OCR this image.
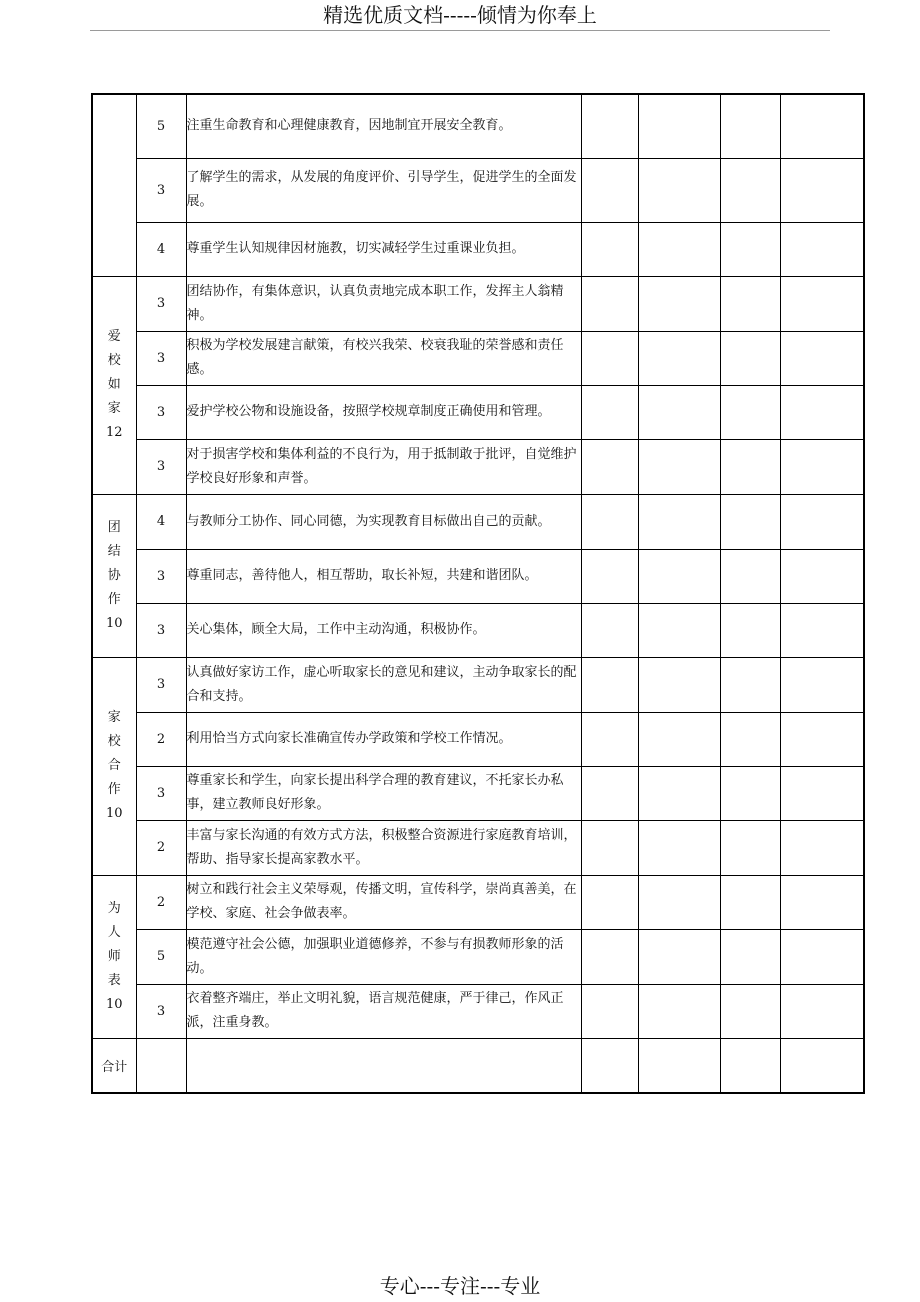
精选优质文档-----倾情为你奉上
	5	注重生命教育和心理健康教育，因地制宜开展安全教育。				
	3	了解学生的需求，从发展的角度评价、引导学生，促进学生的全面发展。				
	4	尊重学生认知规律因材施教，切实减轻学生过重课业负担。				
爱校如家12	3	团结协作，有集体意识，认真负责地完成本职工作，发挥主人翁精神。				
	3	积极为学校发展建言献策，有校兴我荣、校衰我耻的荣誉感和责任感。				
	3	爱护学校公物和设施设备，按照学校规章制度正确使用和管理。				
	3	对于损害学校和集体利益的不良行为，用于抵制敢于批评，自觉维护学校良好形象和声誉。				
团结协作10	4	与教师分工协作、同心同德，为实现教育目标做出自己的贡献。				
	3	尊重同志，善待他人，相互帮助，取长补短，共建和谐团队。				
	3	关心集体，顾全大局，工作中主动沟通，积极协作。				
家校合作10	3	认真做好家访工作，虚心听取家长的意见和建议，主动争取家长的配合和支持。				
	2	利用恰当方式向家长准确宣传办学政策和学校工作情况。				
	3	尊重家长和学生，向家长提出科学合理的教育建议，不托家长办私事，建立教师良好形象。				
	2	丰富与家长沟通的有效方式方法，积极整合资源进行家庭教育培训，帮助、指导家长提高家教水平。				
为人师表10	2	树立和践行社会主义荣辱观，传播文明，宣传科学，崇尚真善美，在学校、家庭、社会争做表率。				
	5	模范遵守社会公德，加强职业道德修养，不参与有损教师形象的活动。				
	3	衣着整齐端庄，举止文明礼貌，语言规范健康，严于律己，作风正派，注重身教。				
合计						
专心---专注---专业
